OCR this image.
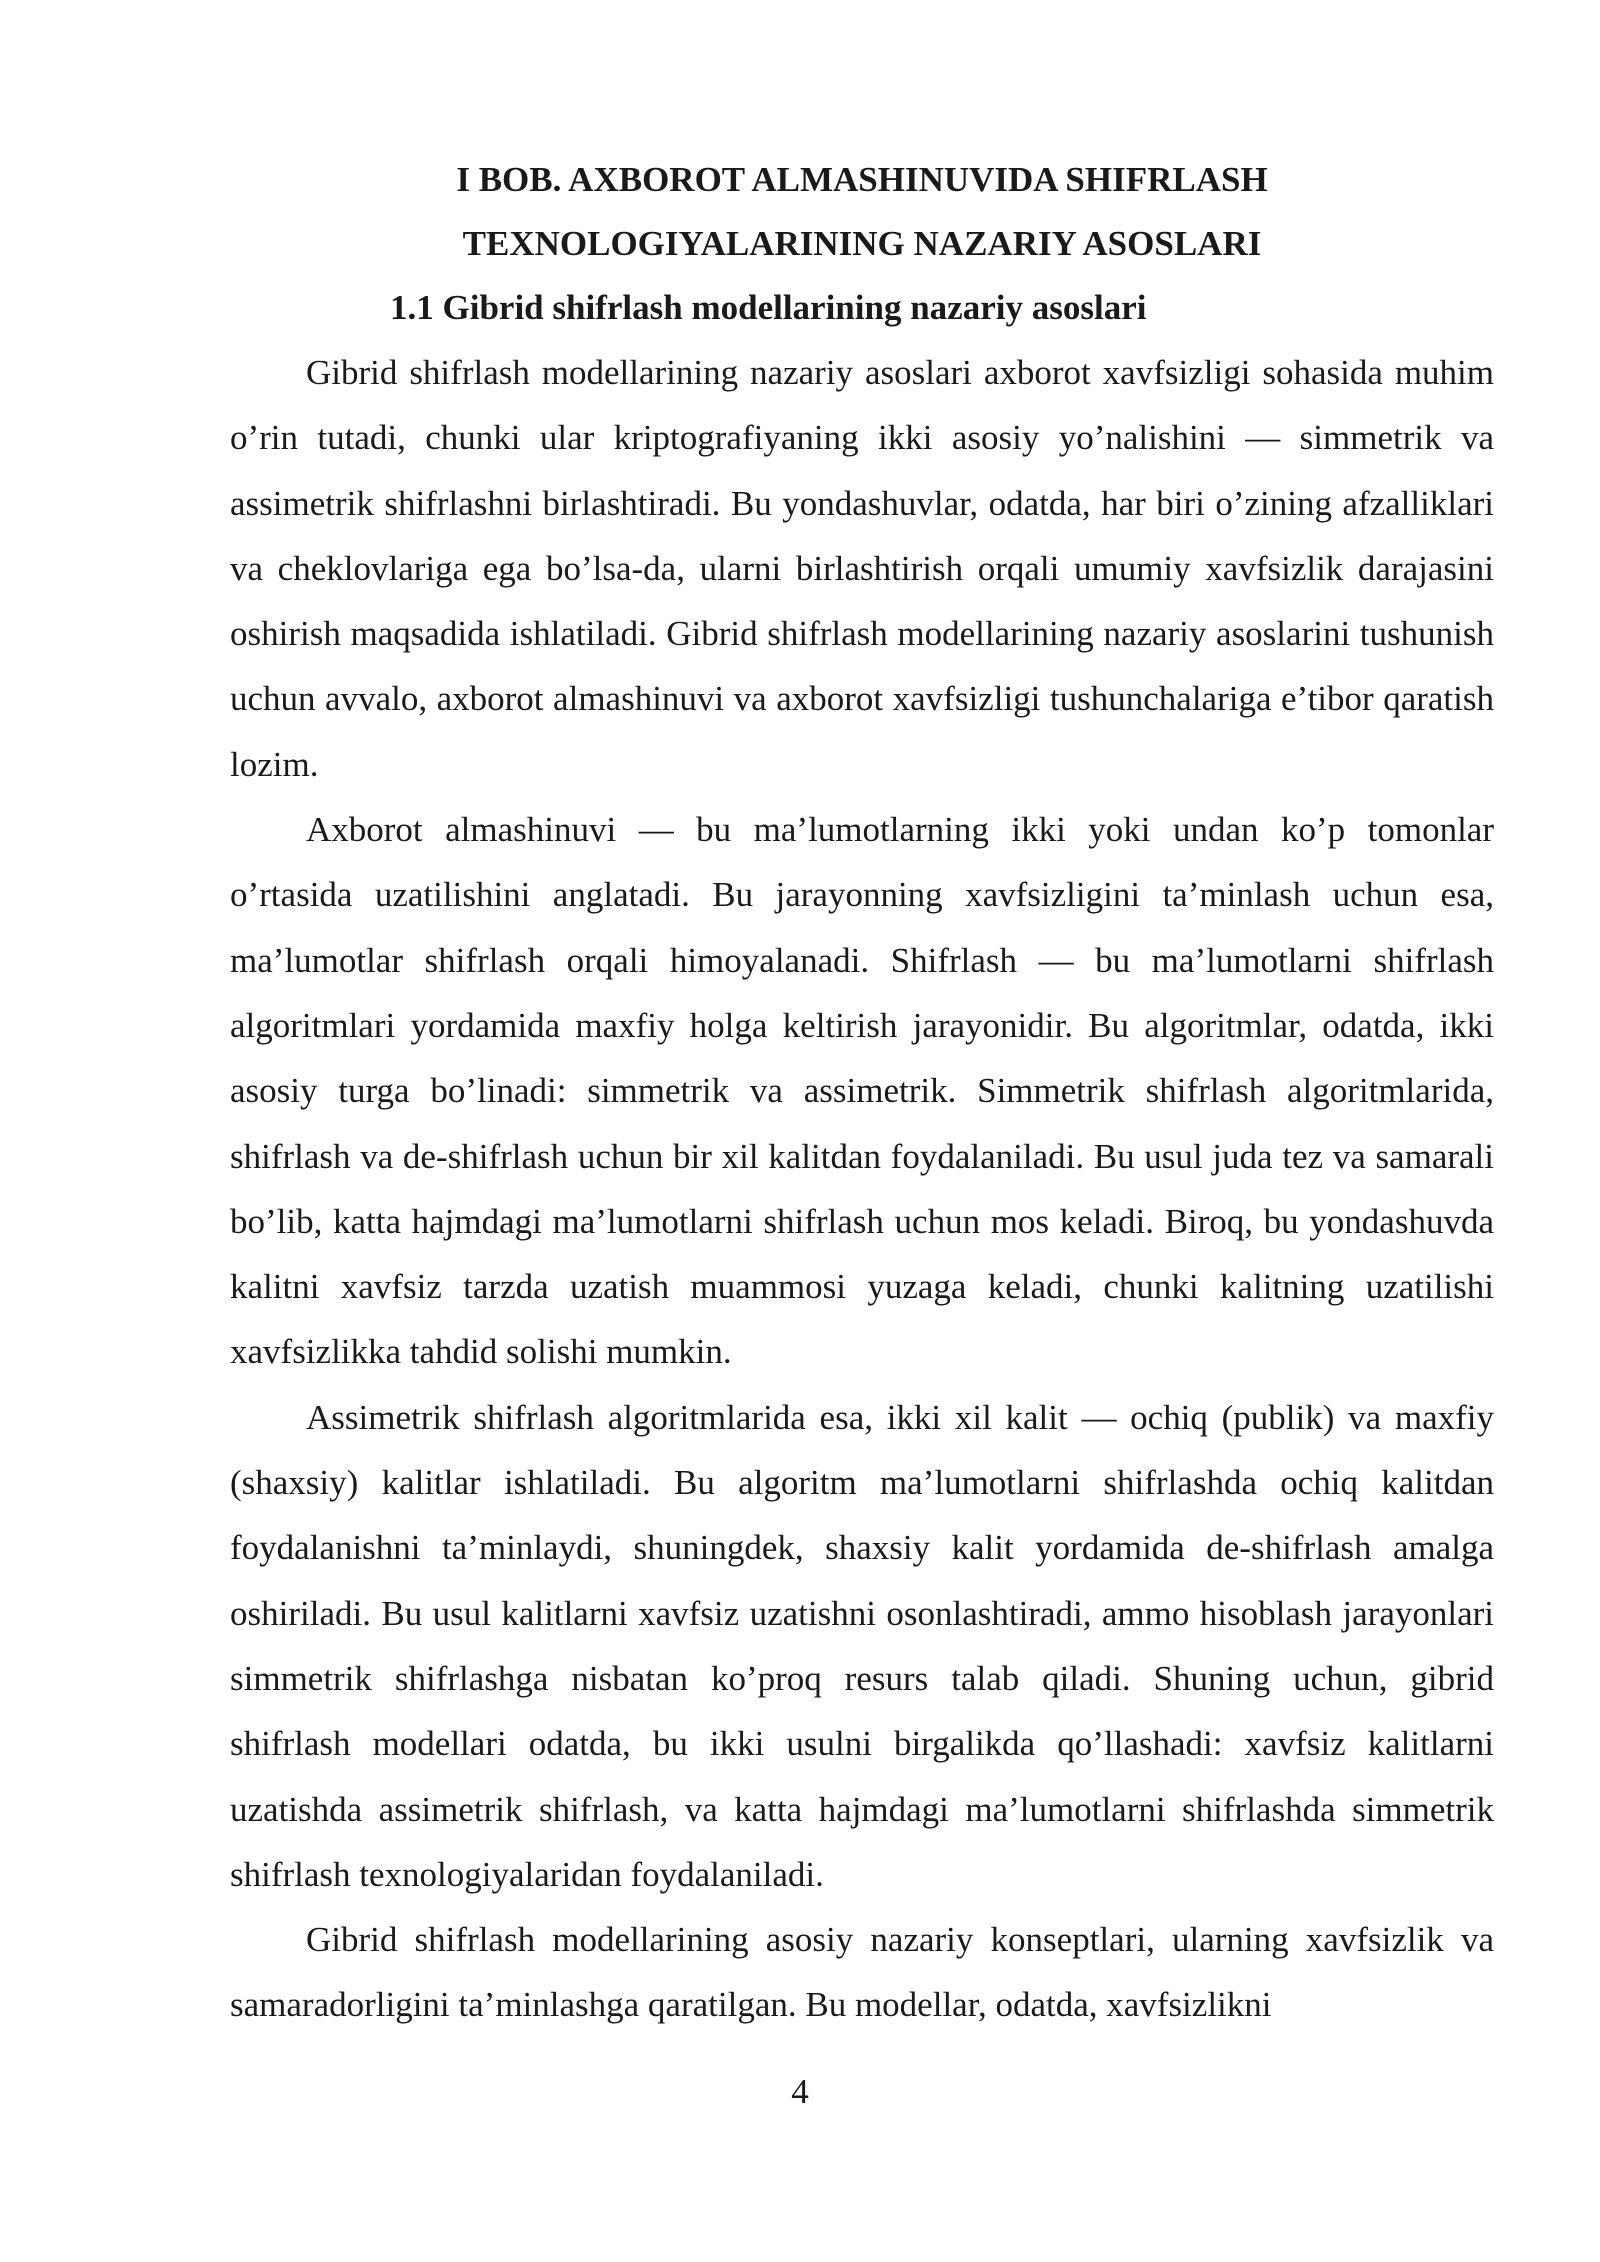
I BOB. AXBOROT ALMASHINUVIDA SHIFRLASH TEXNOLOGIYALARINING NAZARIY ASOSLARI
1.1 Gibrid shifrlash modellarining nazariy asoslari

Gibrid shifrlash modellarining nazariy asoslari axborot xavfsizligi sohasida muhim o’rin tutadi, chunki ular kriptografiyaning ikki asosiy yo’nalishini — simmetrik va assimetrik shifrlashni birlashtiradi. Bu yondashuvlar, odatda, har biri o’zining afzalliklari va cheklovlariga ega bo’lsa-da, ularni birlashtirish orqali umumiy xavfsizlik darajasini oshirish maqsadida ishlatiladi. Gibrid shifrlash modellarining nazariy asoslarini tushunish uchun avvalo, axborot almashinuvi va axborot xavfsizligi tushunchalariga e’tibor qaratish lozim.

Axborot almashinuvi — bu ma’lumotlarning ikki yoki undan ko’p tomonlar o’rtasida uzatilishini anglatadi. Bu jarayonning xavfsizligini ta’minlash uchun esa, ma’lumotlar shifrlash orqali himoyalanadi. Shifrlash — bu ma’lumotlarni shifrlash algoritmlari yordamida maxfiy holga keltirish jarayonidir. Bu algoritmlar, odatda, ikki asosiy turga bo’linadi: simmetrik va assimetrik. Simmetrik shifrlash algoritmlarida, shifrlash va de-shifrlash uchun bir xil kalitdan foydalaniladi. Bu usul juda tez va samarali bo’lib, katta hajmdagi ma’lumotlarni shifrlash uchun mos keladi. Biroq, bu yondashuvda kalitni xavfsiz tarzda uzatish muammosi yuzaga keladi, chunki kalitning uzatilishi xavfsizlikka tahdid solishi mumkin.

Assimetrik shifrlash algoritmlarida esa, ikki xil kalit — ochiq (publik) va maxfiy (shaxsiy) kalitlar ishlatiladi. Bu algoritm ma’lumotlarni shifrlashda ochiq kalitdan foydalanishni ta’minlaydi, shuningdek, shaxsiy kalit yordamida de-shifrlash amalga oshiriladi. Bu usul kalitlarni xavfsiz uzatishni osonlashtiradi, ammo hisoblash jarayonlari simmetrik shifrlashga nisbatan ko’proq resurs talab qiladi. Shuning uchun, gibrid shifrlash modellari odatda, bu ikki usulni birgalikda qo’llashadi: xavfsiz kalitlarni uzatishda assimetrik shifrlash, va katta hajmdagi ma’lumotlarni shifrlashda simmetrik shifrlash texnologiyalaridan foydalaniladi.

Gibrid shifrlash modellarining asosiy nazariy konseptlari, ularning xavfsizlik va samaradorligini ta’minlashga qaratilgan. Bu modellar, odatda, xavfsizlikni

4
